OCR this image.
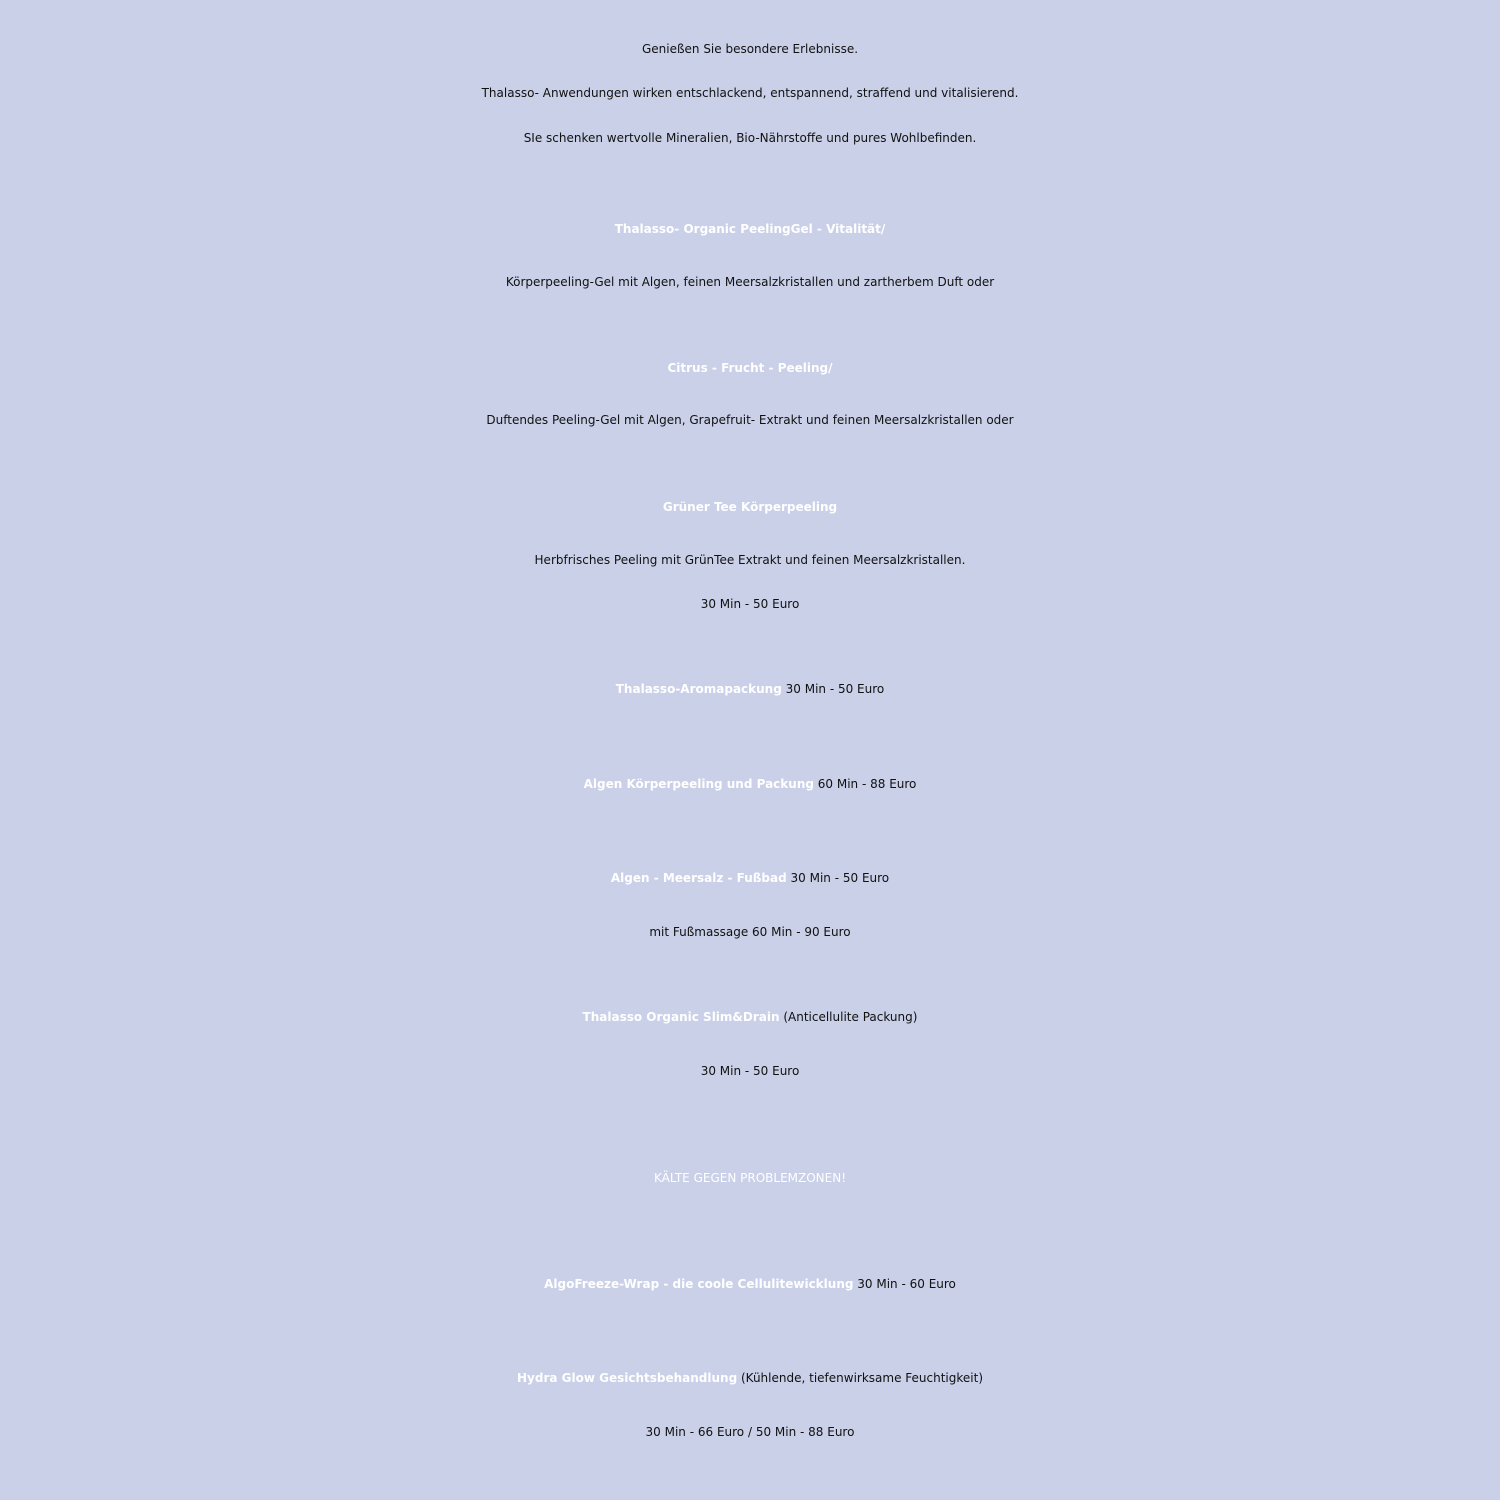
Genießen Sie besondere Erlebnisse.
Thalasso- Anwendungen wirken entschlackend, entspannend, straffend und vitalisierend.
SIe schenken wertvolle Mineralien, Bio-Nährstoffe und pures Wohlbefinden.
Thalasso- Organic PeelingGel - Vitalität/
Körperpeeling-Gel mit Algen, feinen Meersalzkristallen und zartherbem Duft oder
Citrus - Frucht - Peeling/
Duftendes Peeling-Gel mit Algen, Grapefruit- Extrakt und feinen Meersalzkristallen oder
Grüner Tee Körperpeeling
Herbfrisches Peeling mit GrünTee Extrakt und feinen Meersalzkristallen.
30 Min - 50 Euro
Thalasso-Aromapackung 30 Min - 50 Euro
Algen Körperpeeling und Packung 60 Min - 88 Euro
Algen - Meersalz - Fußbad 30 Min - 50 Euro
mit Fußmassage 60 Min - 90 Euro
Thalasso Organic Slim&Drain (Anticellulite Packung)
30 Min - 50 Euro
KÄLTE GEGEN PROBLEMZONEN!
AlgoFreeze-Wrap - die coole Cellulitewicklung 30 Min - 60 Euro
Hydra Glow Gesichtsbehandlung (Kühlende, tiefenwirksame Feuchtigkeit)
30 Min - 66 Euro / 50 Min - 88 Euro
